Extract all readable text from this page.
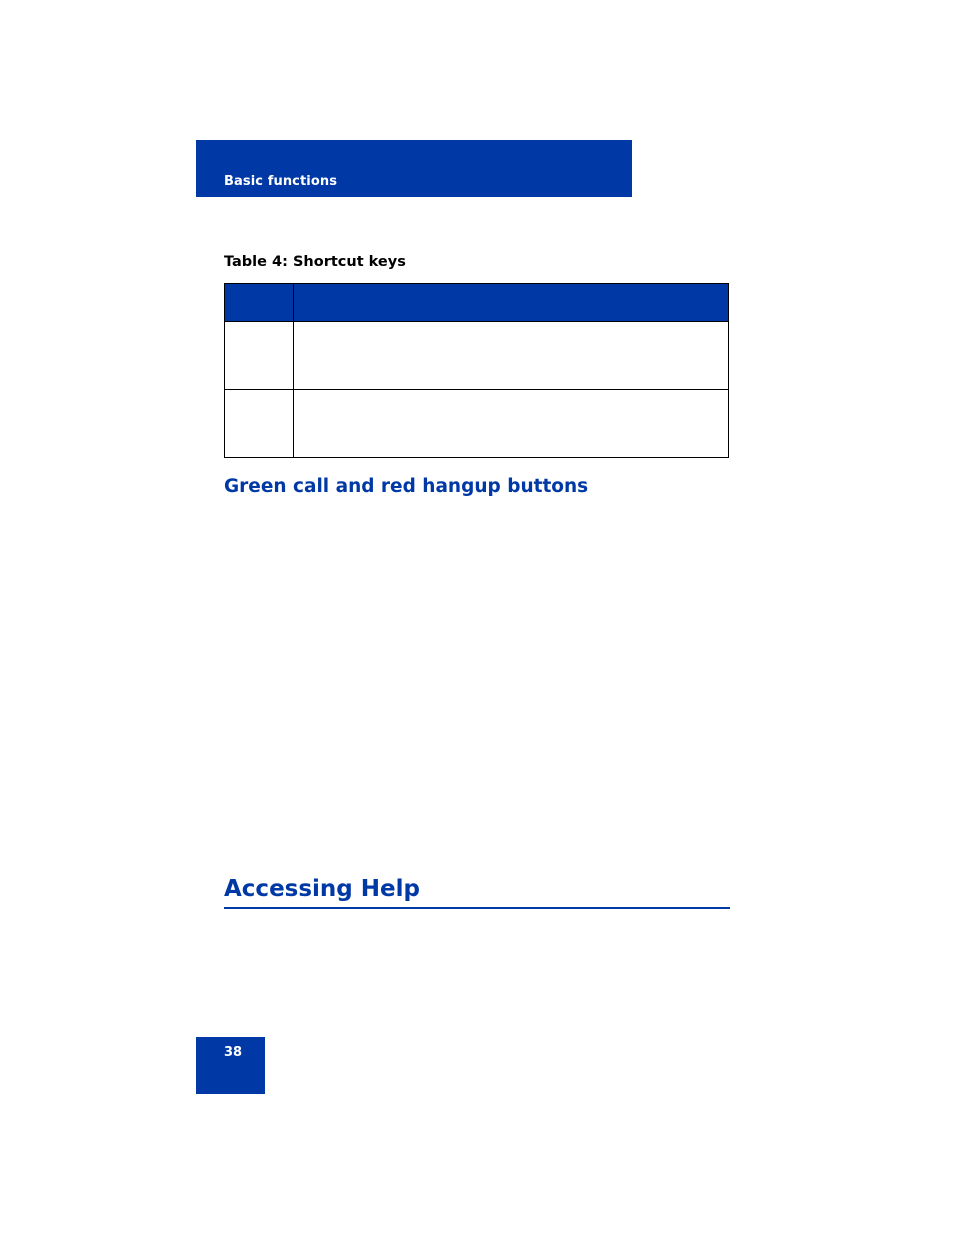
Basic functions
Table 4: Shortcut keys

Green call and red hangup buttons
Accessing Help
38
